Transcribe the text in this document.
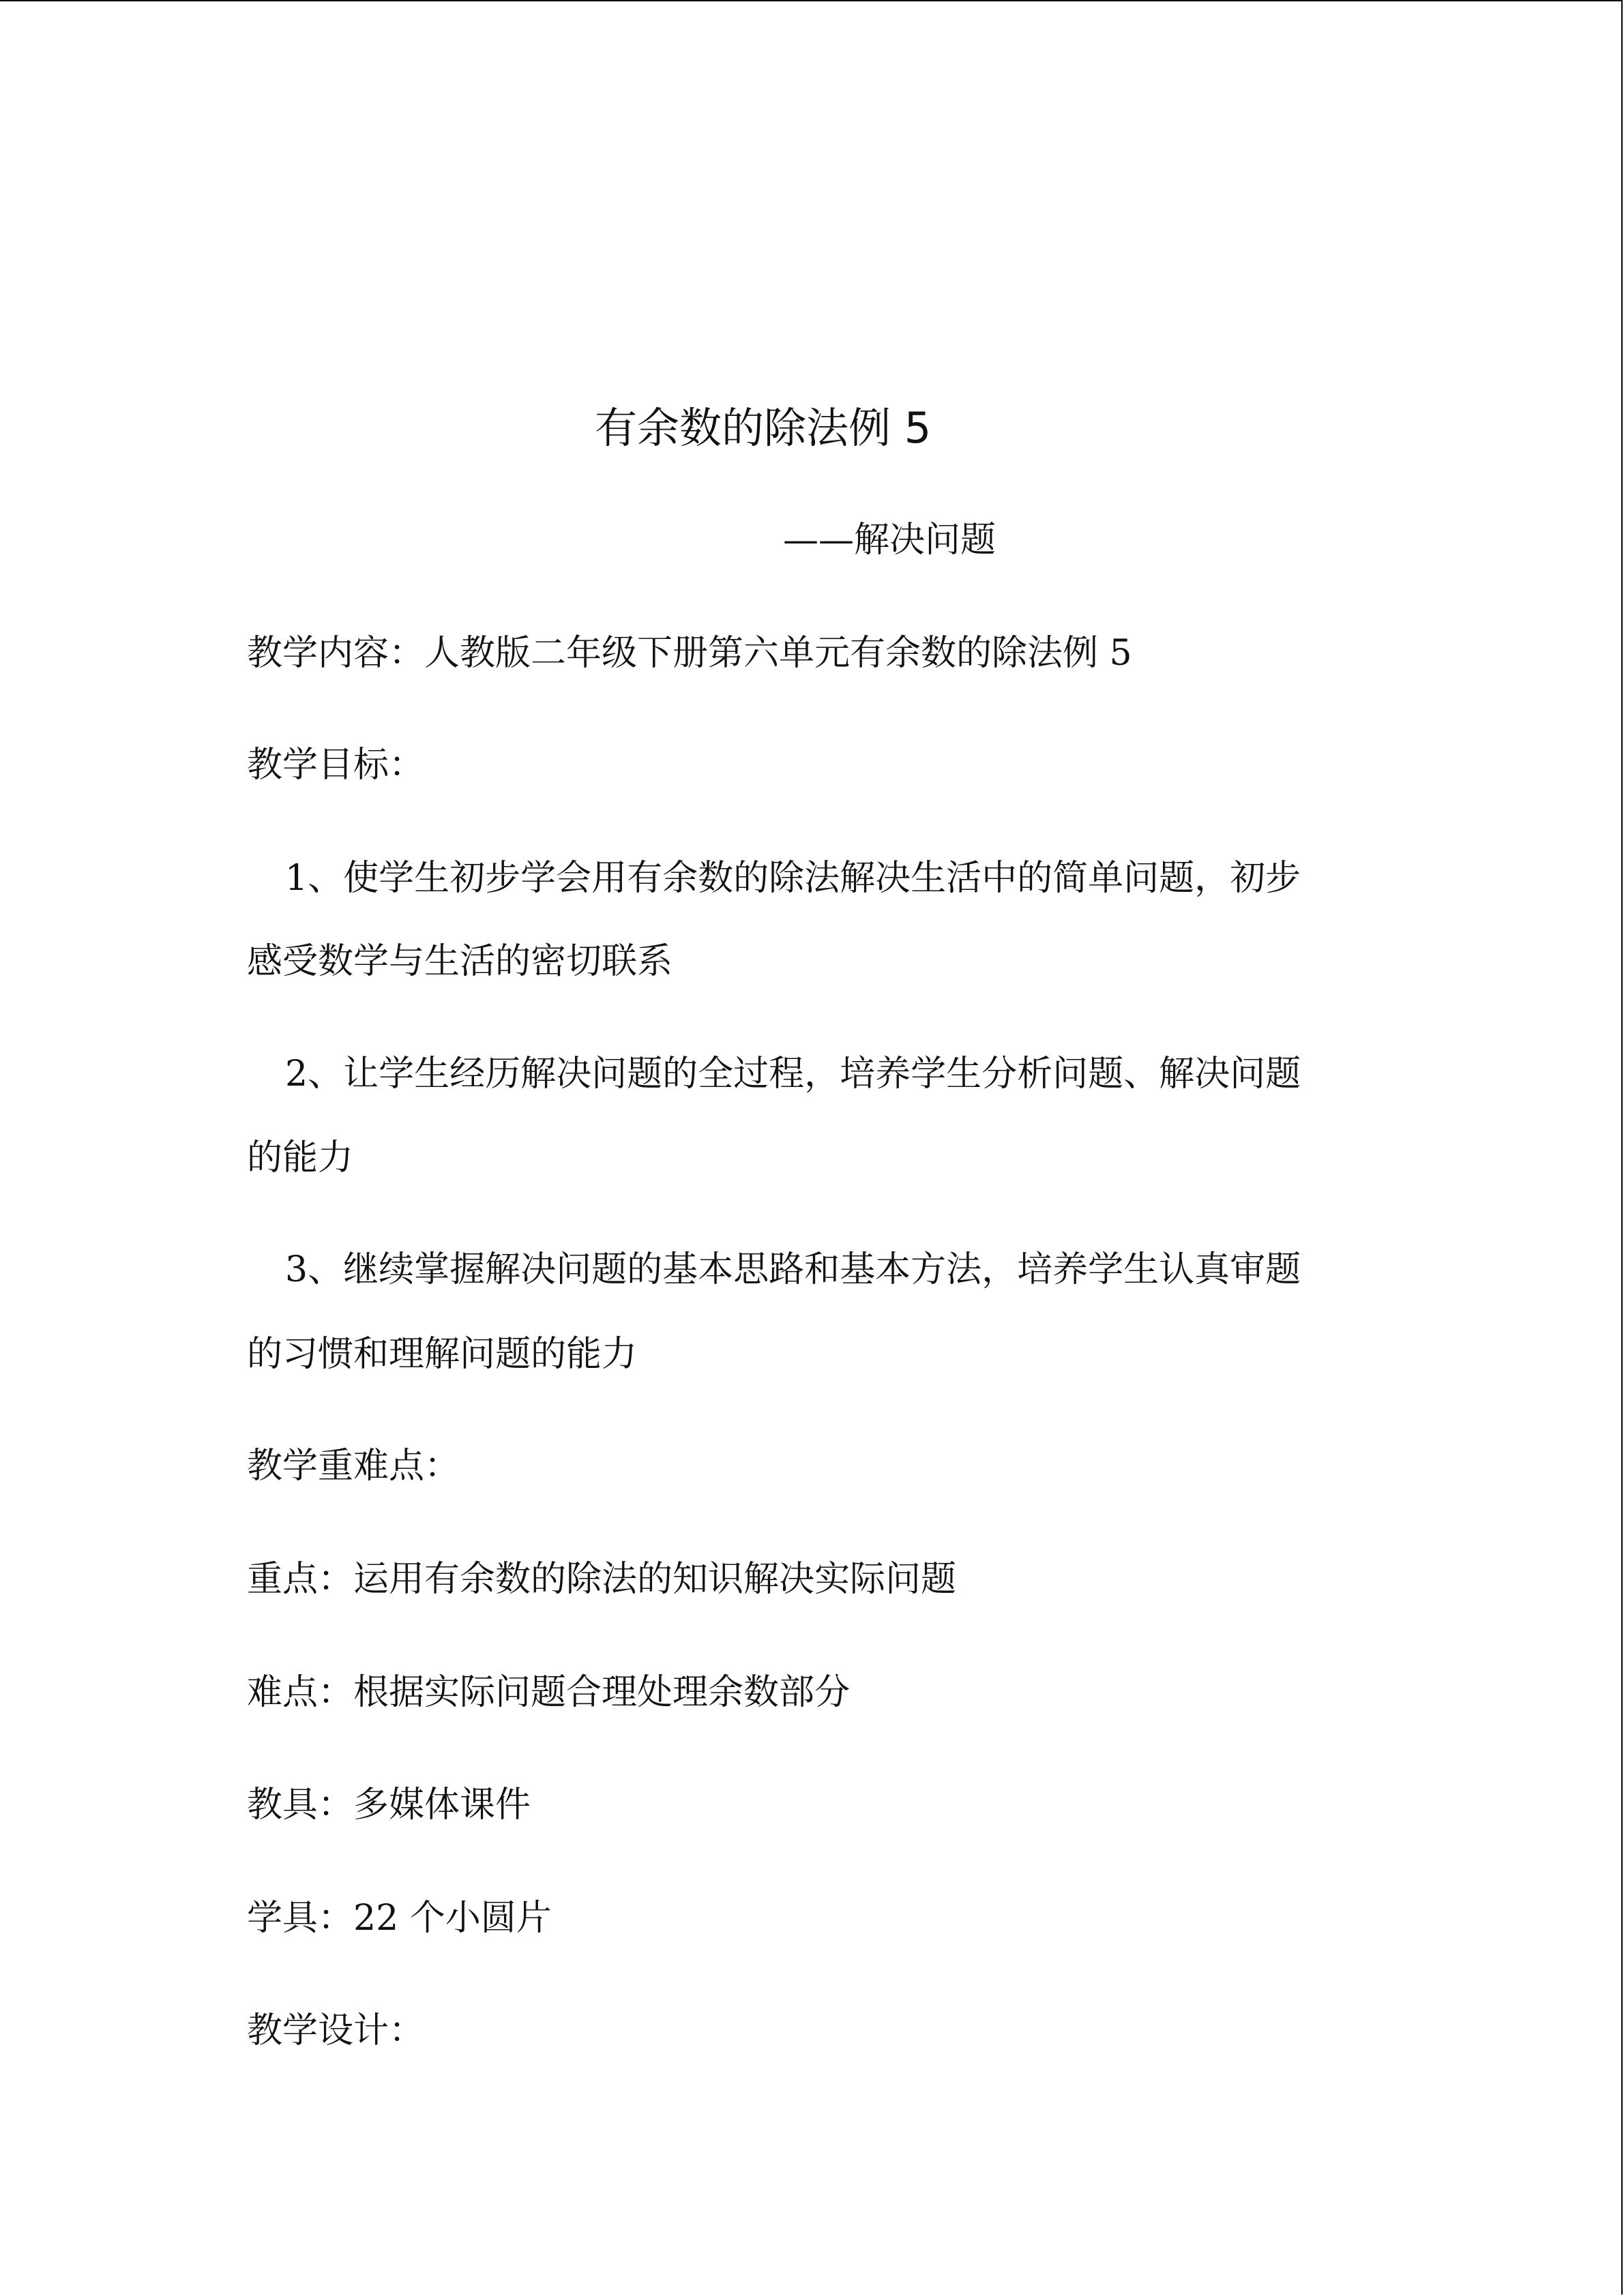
有余数的除法例 5
——解决问题
教学内容：人教版二年级下册第六单元有余数的除法例 5
教学目标：
1、使学生初步学会用有余数的除法解决生活中的简单问题，初步
感受数学与生活的密切联系
2、让学生经历解决问题的全过程，培养学生分析问题、解决问题
的能力
3、继续掌握解决问题的基本思路和基本方法，培养学生认真审题
的习惯和理解问题的能力
教学重难点：
重点：运用有余数的除法的知识解决实际问题
难点：根据实际问题合理处理余数部分
教具：多媒体课件
学具：22 个小圆片
教学设计：
